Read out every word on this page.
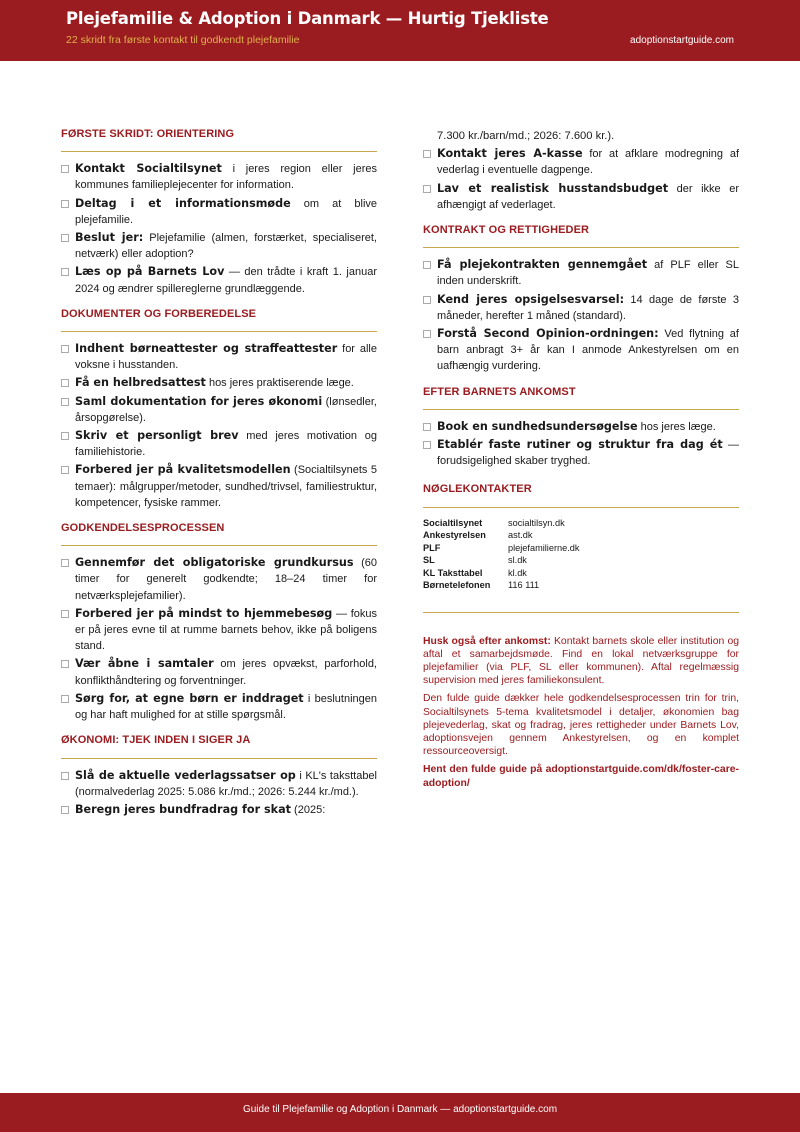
Plejefamilie & Adoption i Danmark — Hurtig Tjekliste
22 skridt fra første kontakt til godkendt plejefamilie	adoptionstartguide.com
FØRSTE SKRIDT: ORIENTERING
Kontakt Socialtilsynet i jeres region eller jeres kommunes familieplejecenter for information.
Deltag i et informationsmøde om at blive plejefamilie.
Beslut jer: Plejefamilie (almen, forstærket, specialiseret, netværk) eller adoption?
Læs op på Barnets Lov — den trådte i kraft 1. januar 2024 og ændrer spillereglerne grundlæggende.
DOKUMENTER OG FORBEREDELSE
Indhent børneattester og straffeattester for alle voksne i husstanden.
Få en helbredsattest hos jeres praktiserende læge.
Saml dokumentation for jeres økonomi (lønsedler, årsopgørelse).
Skriv et personligt brev med jeres motivation og familiehistorie.
Forbered jer på kvalitetsmodellen (Socialtilsynets 5 temaer): målgrupper/metoder, sundhed/trivsel, familiestruktur, kompetencer, fysiske rammer.
GODKENDELSESPROCESSEN
Gennemfør det obligatoriske grundkursus (60 timer for generelt godkendte; 18–24 timer for netværksplejefamilier).
Forbered jer på mindst to hjemmebesøg — fokus er på jeres evne til at rumme barnets behov, ikke på boligens stand.
Vær åbne i samtaler om jeres opvækst, parforhold, konflikthåndtering og forventninger.
Sørg for, at egne børn er inddraget i beslutningen og har haft mulighed for at stille spørgsmål.
ØKONOMI: TJEK INDEN I SIGER JA
Slå de aktuelle vederlagssatser op i KL's taksttabel (normalvederlag 2025: 5.086 kr./md.; 2026: 5.244 kr./md.).
Beregn jeres bundfradrag for skat (2025:
7.300 kr./barn/md.; 2026: 7.600 kr.).
Kontakt jeres A-kasse for at afklare modregning af vederlag i eventuelle dagpenge.
Lav et realistisk husstandsbudget der ikke er afhængigt af vederlaget.
KONTRAKT OG RETTIGHEDER
Få plejekontrakten gennemgået af PLF eller SL inden underskrift.
Kend jeres opsigelsesvarsel: 14 dage de første 3 måneder, herefter 1 måned (standard).
Forstå Second Opinion-ordningen: Ved flytning af barn anbragt 3+ år kan I anmode Ankestyrelsen om en uafhængig vurdering.
EFTER BARNETS ANKOMST
Book en sundhedsundersøgelse hos jeres læge.
Etablér faste rutiner og struktur fra dag ét — forudsigelighed skaber tryghed.
NØGLEKONTAKTER
Socialtilsynet	socialtilsyn.dk
Ankestyrelsen	ast.dk
PLF	plejefamilierne.dk
SL	sl.dk
KL Taksttabel	kl.dk
Børnetelefonen	116 111
Husk også efter ankomst: Kontakt barnets skole eller institution og aftal et samarbejdsmøde. Find en lokal netværksgruppe for plejefamilier (via PLF, SL eller kommunen). Aftal regelmæssig supervision med jeres familiekonsulent.
Den fulde guide dækker hele godkendelsesprocessen trin for trin, Socialtilsynets 5-tema kvalitetsmodel i detaljer, økonomien bag plejevederlag, skat og fradrag, jeres rettigheder under Barnets Lov, adoptionsvejen gennem Ankestyrelsen, og en komplet ressourceoversigt.
Hent den fulde guide på adoptionstartguide.com/dk/foster-care-adoption/
Guide til Plejefamilie og Adoption i Danmark — adoptionstartguide.com
